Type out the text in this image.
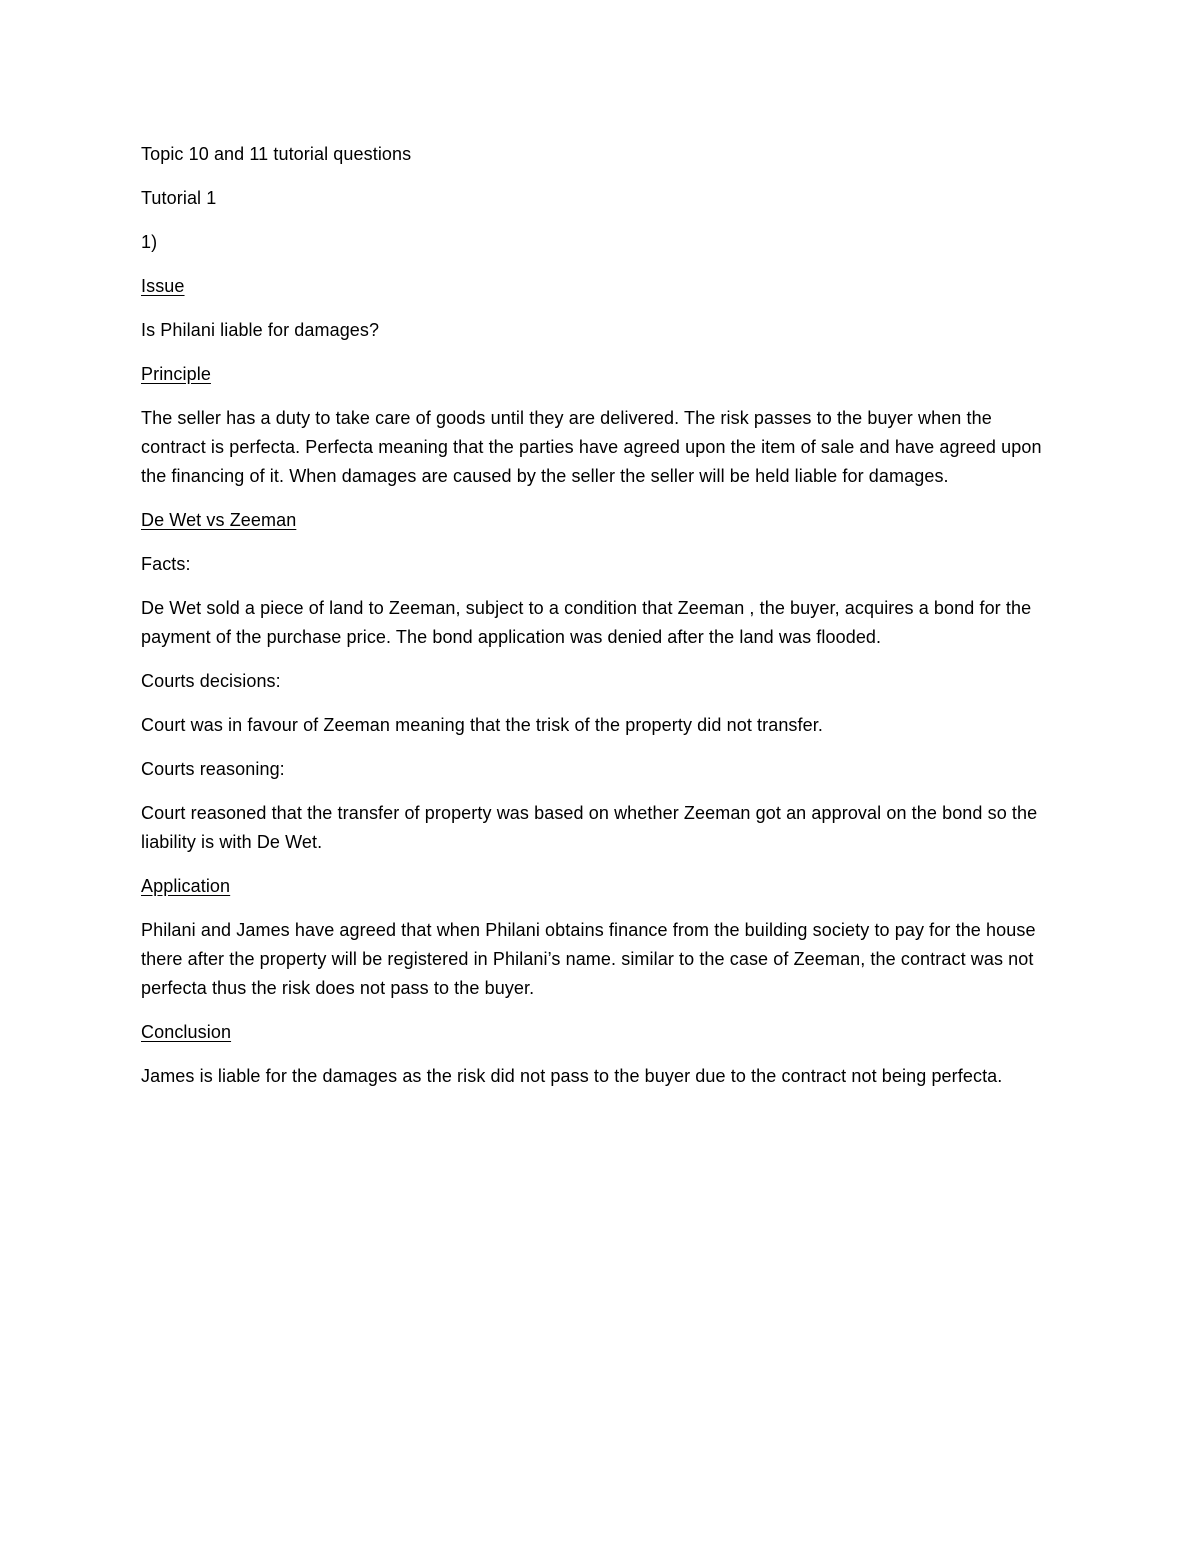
Topic 10 and 11 tutorial questions

Tutorial 1

1)

Issue

Is Philani liable for damages?

Principle

The seller has a duty to take care of goods until they are delivered. The risk passes to the buyer when the contract is perfecta. Perfecta meaning that the parties have agreed upon the item of sale and have agreed upon the financing of it. When damages are caused by the seller the seller will be held liable for damages.

De Wet vs Zeeman

Facts:

De Wet sold a piece of land to Zeeman, subject to a condition that Zeeman , the buyer, acquires a bond for the payment of the purchase price. The bond application was denied after the land was flooded.

Courts decisions:

Court was in favour of Zeeman meaning that the trisk of the property did not transfer.

Courts reasoning:

Court reasoned that the transfer of property was based on whether Zeeman got an approval on the bond so the liability is with De Wet.

Application

Philani and James have agreed that when Philani obtains finance from the building society to pay for the house there after the property will be registered in Philani’s name. similar to the case of Zeeman, the contract was not perfecta thus the risk does not pass to the buyer.

Conclusion

James is liable for the damages as the risk did not pass to the buyer due to the contract not being perfecta.
